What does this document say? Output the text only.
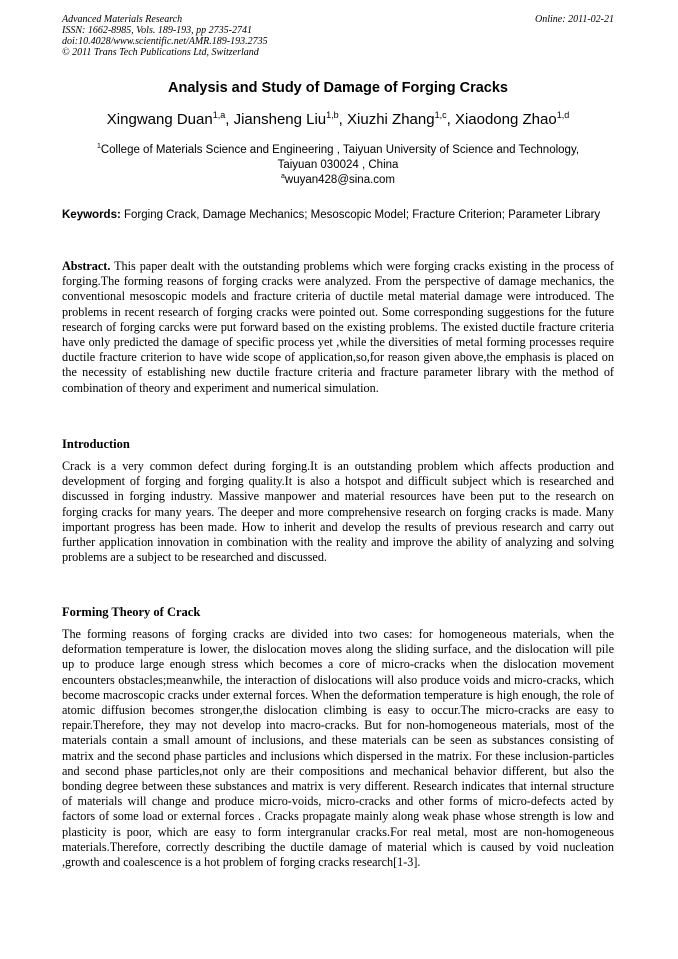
Advanced Materials Research
ISSN: 1662-8985, Vols. 189-193, pp 2735-2741
doi:10.4028/www.scientific.net/AMR.189-193.2735
© 2011 Trans Tech Publications Ltd, Switzerland
Online: 2011-02-21
Analysis and Study of Damage of Forging Cracks
Xingwang Duan$^{1,a}$, Jiansheng Liu$^{1,b}$, Xiuzhi Zhang$^{1,c}$, Xiaodong Zhao$^{1,d}$
$^1$College of Materials Science and Engineering , Taiyuan University of Science and Technology,
Taiyuan 030024 , China
$^a$wuyan428@sina.com
Keywords: Forging Crack, Damage Mechanics; Mesoscopic Model; Fracture Criterion; Parameter Library
Abstract. This paper dealt with the outstanding problems which were forging cracks existing in the process of forging.The forming reasons of forging cracks were analyzed. From the perspective of damage mechanics, the conventional mesoscopic models and fracture criteria of ductile metal material damage were introduced. The problems in recent research of forging cracks were pointed out. Some corresponding suggestions for the future research of forging carcks were put forward based on the existing problems. The existed ductile fracture criteria have only predicted the damage of specific process yet ,while the diversities of metal forming processes require ductile fracture criterion to have wide scope of application,so,for reason given above,the emphasis is placed on the necessity of establishing new ductile fracture criteria and fracture parameter library with the method of combination of theory and experiment and numerical simulation.
Introduction
Crack is a very common defect during forging.It is an outstanding problem which affects production and development of forging and forging quality.It is also a hotspot and difficult subject which is researched and discussed in forging industry. Massive manpower and material resources have been put to the research on forging cracks for many years. The deeper and more comprehensive research on forging cracks is made. Many important progress has been made. How to inherit and develop the results of previous research and carry out further application innovation in combination with the reality and improve the ability of analyzing and solving problems are a subject to be researched and discussed.
Forming Theory of Crack
The forming reasons of forging cracks are divided into two cases: for homogeneous materials, when the deformation temperature is lower, the dislocation moves along the sliding surface, and the dislocation will pile up to produce large enough stress which becomes a core of micro-cracks when the dislocation movement encounters obstacles;meanwhile, the interaction of dislocations will also produce voids and micro-cracks, which become macroscopic cracks under external forces. When the deformation temperature is high enough, the role of atomic diffusion becomes stronger,the dislocation climbing is easy to occur.The micro-cracks are easy to repair.Therefore, they may not develop into macro-cracks. But for non-homogeneous materials, most of the materials contain a small amount of inclusions, and these materials can be seen as substances consisting of matrix and the second phase particles and inclusions which dispersed in the matrix. For these inclusion-particles and second phase particles,not only are their compositions and mechanical behavior different, but also the bonding degree between these substances and matrix is very different. Research indicates that internal structure of materials will change and produce micro-voids, micro-cracks and other forms of micro-defects acted by factors of some load or external forces . Cracks propagate mainly along weak phase whose strength is low and plasticity is poor, which are easy to form intergranular cracks.For real metal, most are non-homogeneous materials.Therefore, correctly describing the ductile damage of material which is caused by void nucleation ,growth and coalescence is a hot problem of forging cracks research[1-3].
